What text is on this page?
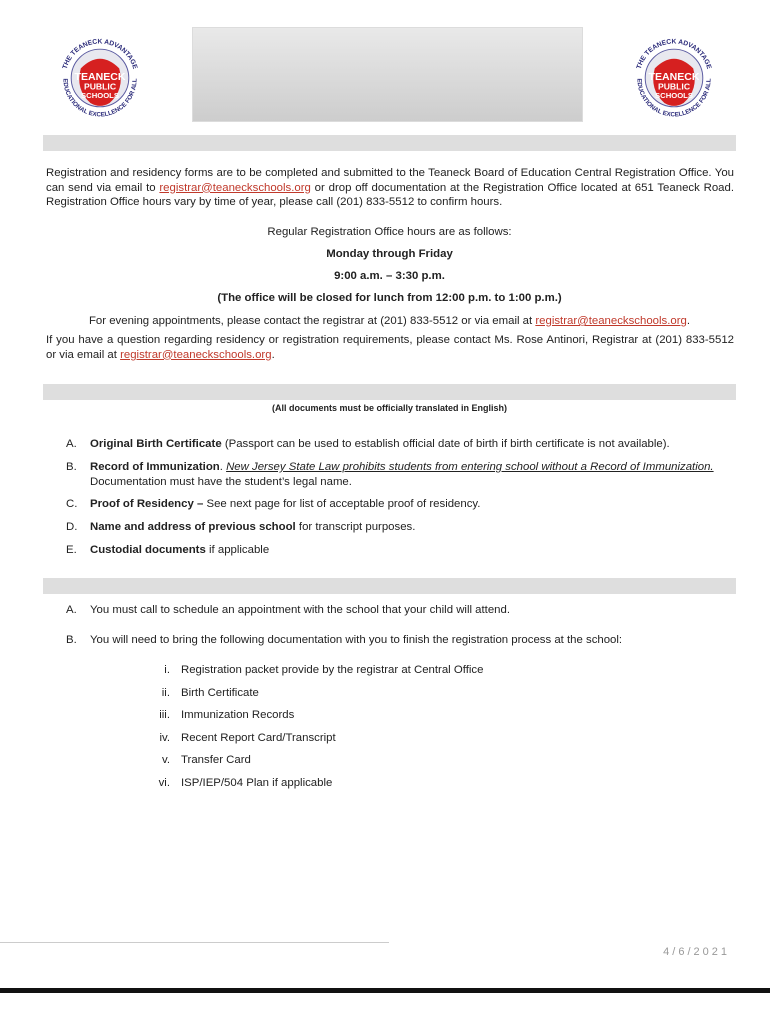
TEANECK
PUBLIC
SCHOOLS
THE TEANECK ADVANTAGE
EDUCATIONAL EXCELLENCE FOR ALL	TEANECK
PUBLIC
SCHOOLS
THE TEANECK ADVANTAGE
EDUCATIONAL EXCELLENCE FOR ALL
Registration and residency forms are to be completed and submitted to the Teaneck Board of Education Central Registration Office. You can send via email to registrar@teaneckschools.org or drop off documentation at the Registration Office located at 651 Teaneck Road. Registration Office hours vary by time of year, please call (201) 833-5512 to confirm hours.
Regular Registration Office hours are as follows:
Monday through Friday
9:00 a.m. – 3:30 p.m.
(The office will be closed for lunch from 12:00 p.m. to 1:00 p.m.)
For evening appointments, please contact the registrar at (201) 833-5512 or via email at registrar@teaneckschools.org.
If you have a question regarding residency or registration requirements, please contact Ms. Rose Antinori, Registrar at (201) 833-5512 or via email at registrar@teaneckschools.org.
(All documents must be officially translated in English)
A. Original Birth Certificate (Passport can be used to establish official date of birth if birth certificate is not available).
B. Record of Immunization. New Jersey State Law prohibits students from entering school without a Record of Immunization. Documentation must have the student’s legal name.
C. Proof of Residency – See next page for list of acceptable proof of residency.
D. Name and address of previous school for transcript purposes.
E. Custodial documents if applicable
A. You must call to schedule an appointment with the school that your child will attend.
B. You will need to bring the following documentation with you to finish the registration process at the school:
i. Registration packet provide by the registrar at Central Office
ii. Birth Certificate
iii. Immunization Records
iv. Recent Report Card/Transcript
v. Transfer Card
vi. ISP/IEP/504 Plan if applicable
4/6/2021
